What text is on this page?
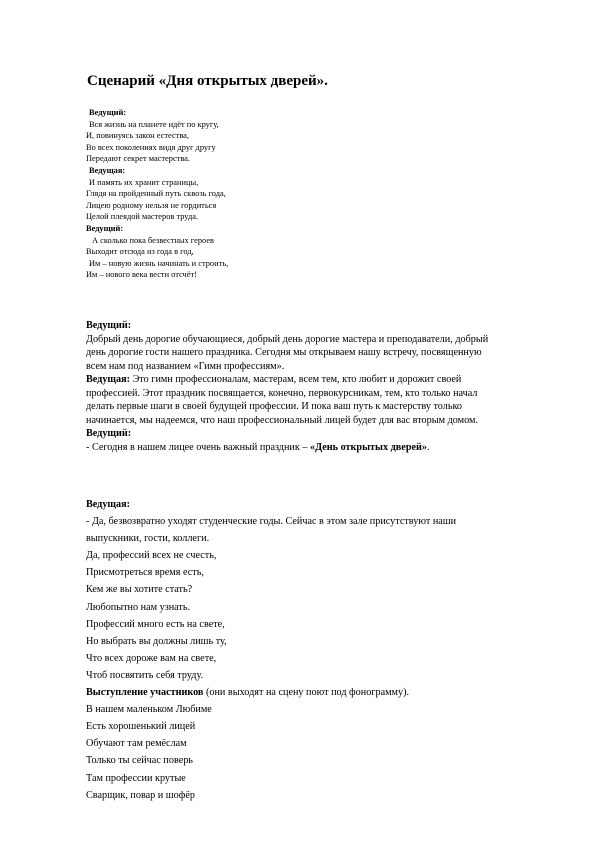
Сценарий «Дня открытых дверей».
Ведущий:
Вся жизнь на планете идёт по кругу,
И, повинуясь закон естества,
Во всех поколениях видя друг другу
Передают секрет мастерства.
Ведущая:
И память их хранит страницы,
Глядя на пройденный путь сквозь года,
Лицею родному нельзя не гордиться
Целой плеядой мастеров труда.
Ведущий:
А сколько пока безвестных героев
Выходит отсюда из года в год,
Им – новую жизнь начинать и строить,
Им – нового века вести отсчёт!
Ведущий:
Добрый день дорогие обучающиеся, добрый день дорогие мастера и преподаватели, добрый
день дорогие гости нашего праздника. Сегодня мы открываем нашу встречу, посвященную
всем нам под названием «Гимн профессиям».
Ведущая: Это гимн профессионалам, мастерам, всем тем, кто любит и дорожит своей
профессией. Этот праздник посвящается, конечно, первокурсникам, тем, кто только начал
делать первые шаги в своей будущей профессии. И пока ваш путь к мастерству только
начинается, мы надеемся, что наш профессиональный лицей будет для вас вторым домом.
Ведущий:
- Сегодня в нашем лицее очень важный праздник – «День открытых дверей».
Ведущая:
- Да, безвозвратно уходят студенческие годы. Сейчас в этом зале присутствуют наши
выпускники, гости, коллеги.
Да, профессий всех не счесть,
Присмотреться время есть,
Кем же вы хотите стать?
Любопытно нам узнать.
Профессий много есть на свете,
Но выбрать вы должны лишь ту,
Что всех дороже вам на свете,
Чтоб посвятить себя труду.
Выступление участников (они выходят на сцену поют под фонограмму).
В нашем маленьком Любиме
Есть хорошенький лицей
Обучают там ремёслам
Только ты сейчас поверь
Там профессии крутые
Сварщик, повар и шофёр
